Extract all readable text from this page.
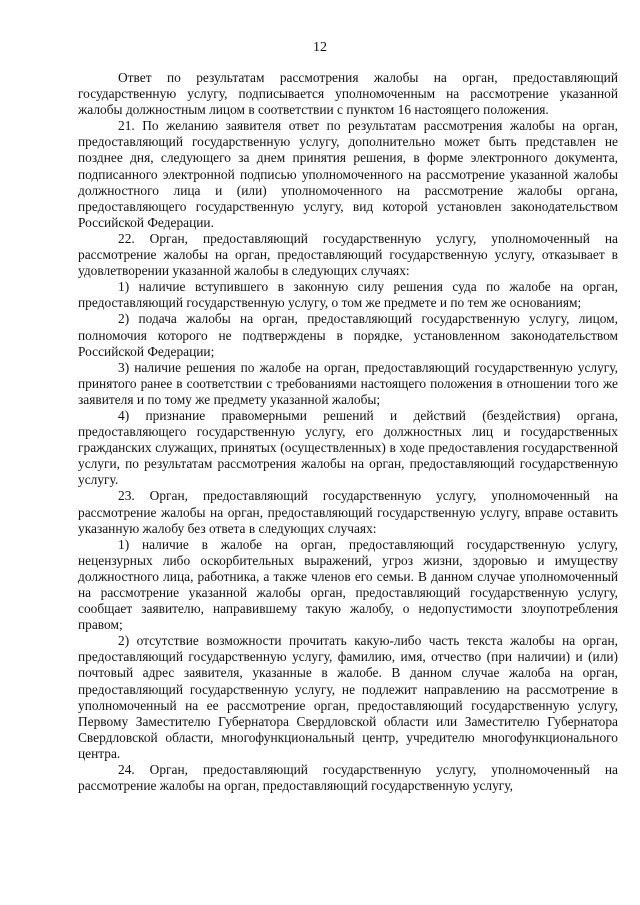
12

Ответ по результатам рассмотрения жалобы на орган, предоставляющий государственную услугу, подписывается уполномоченным на рассмотрение указанной жалобы должностным лицом в соответствии с пунктом 16 настоящего положения.

21. По желанию заявителя ответ по результатам рассмотрения жалобы на орган, предоставляющий государственную услугу, дополнительно может быть представлен не позднее дня, следующего за днем принятия решения, в форме электронного документа, подписанного электронной подписью уполномоченного на рассмотрение указанной жалобы должностного лица и (или) уполномоченного на рассмотрение жалобы органа, предоставляющего государственную услугу, вид которой установлен законодательством Российской Федерации.

22. Орган, предоставляющий государственную услугу, уполномоченный на рассмотрение жалобы на орган, предоставляющий государственную услугу, отказывает в удовлетворении указанной жалобы в следующих случаях:

1) наличие вступившего в законную силу решения суда по жалобе на орган, предоставляющий государственную услугу, о том же предмете и по тем же основаниям;

2) подача жалобы на орган, предоставляющий государственную услугу, лицом, полномочия которого не подтверждены в порядке, установленном законодательством Российской Федерации;

3) наличие решения по жалобе на орган, предоставляющий государственную услугу, принятого ранее в соответствии с требованиями настоящего положения в отношении того же заявителя и по тому же предмету указанной жалобы;

4) признание правомерными решений и действий (бездействия) органа, предоставляющего государственную услугу, его должностных лиц и государственных гражданских служащих, принятых (осуществленных) в ходе предоставления государственной услуги, по результатам рассмотрения жалобы на орган, предоставляющий государственную услугу.

23. Орган, предоставляющий государственную услугу, уполномоченный на рассмотрение жалобы на орган, предоставляющий государственную услугу, вправе оставить указанную жалобу без ответа в следующих случаях:

1) наличие в жалобе на орган, предоставляющий государственную услугу, нецензурных либо оскорбительных выражений, угроз жизни, здоровью и имуществу должностного лица, работника, а также членов его семьи. В данном случае уполномоченный на рассмотрение указанной жалобы орган, предоставляющий государственную услугу, сообщает заявителю, направившему такую жалобу, о недопустимости злоупотребления правом;

2) отсутствие возможности прочитать какую-либо часть текста жалобы на орган, предоставляющий государственную услугу, фамилию, имя, отчество (при наличии) и (или) почтовый адрес заявителя, указанные в жалобе. В данном случае жалоба на орган, предоставляющий государственную услугу, не подлежит направлению на рассмотрение в уполномоченный на ее рассмотрение орган, предоставляющий государственную услугу, Первому Заместителю Губернатора Свердловской области или Заместителю Губернатора Свердловской области, многофункциональный центр, учредителю многофункционального центра.

24. Орган, предоставляющий государственную услугу, уполномоченный на рассмотрение жалобы на орган, предоставляющий государственную услугу,
